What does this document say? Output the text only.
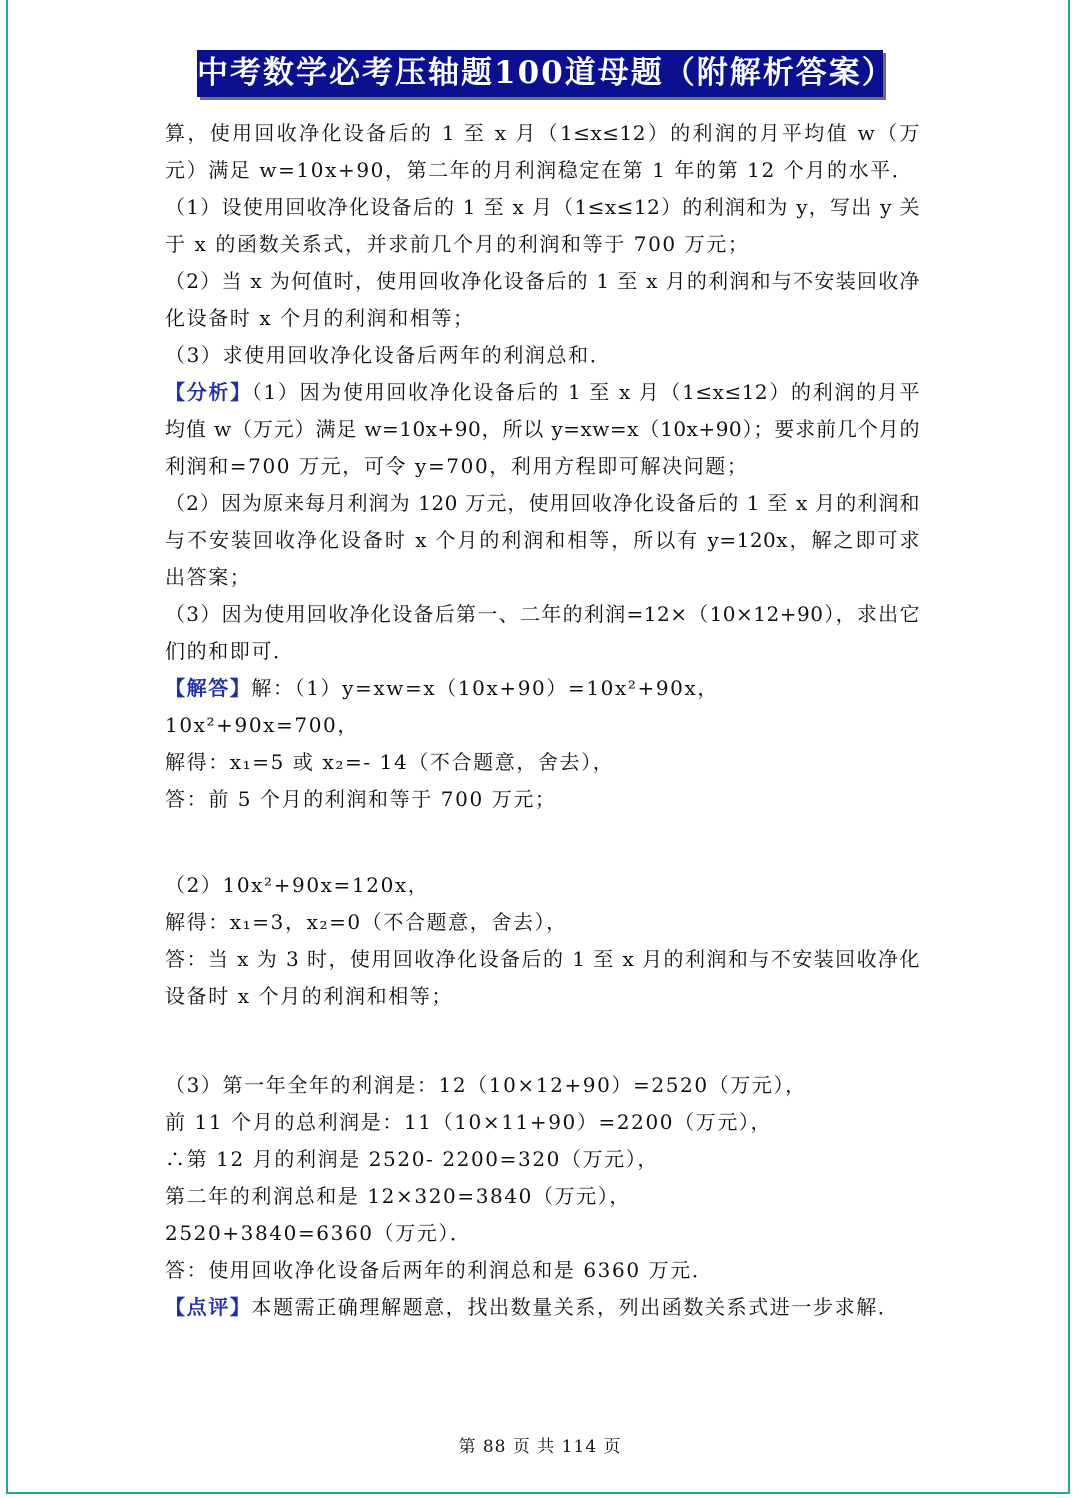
中考数学必考压轴题100道母题（附解析答案）
算，使用回收净化设备后的 1 至 x 月（1≤x≤12）的利润的月平均值 w（万
元）满足 w=10x+90，第二年的月利润稳定在第 1 年的第 12 个月的水平．
（1）设使用回收净化设备后的 1 至 x 月（1≤x≤12）的利润和为 y，写出 y 关
于 x 的函数关系式，并求前几个月的利润和等于 700 万元；
（2）当 x 为何值时，使用回收净化设备后的 1 至 x 月的利润和与不安装回收净
化设备时 x 个月的利润和相等；
（3）求使用回收净化设备后两年的利润总和．
【分析】（1）因为使用回收净化设备后的 1 至 x 月（1≤x≤12）的利润的月平
均值 w（万元）满足 w=10x+90，所以 y=xw=x（10x+90）；要求前几个月的
利润和=700 万元，可令 y=700，利用方程即可解决问题；
（2）因为原来每月利润为 120 万元，使用回收净化设备后的 1 至 x 月的利润和
与不安装回收净化设备时 x 个月的利润和相等，所以有 y=120x，解之即可求
出答案；
（3）因为使用回收净化设备后第一、二年的利润=12×（10×12+90），求出它
们的和即可．
【解答】解：（1）y=xw=x（10x+90）=10x²+90x，
10x²+90x=700，
解得：x₁=5 或 x₂=- 14（不合题意，舍去），
答：前 5 个月的利润和等于 700 万元；
（2）10x²+90x=120x，
解得：x₁=3，x₂=0（不合题意，舍去），
答：当 x 为 3 时，使用回收净化设备后的 1 至 x 月的利润和与不安装回收净化
设备时 x 个月的利润和相等；
（3）第一年全年的利润是：12（10×12+90）=2520（万元），
前 11 个月的总利润是：11（10×11+90）=2200（万元），
∴第 12 月的利润是 2520- 2200=320（万元），
第二年的利润总和是 12×320=3840（万元），
2520+3840=6360（万元）．
答：使用回收净化设备后两年的利润总和是 6360 万元．
【点评】本题需正确理解题意，找出数量关系，列出函数关系式进一步求解．
第 88 页 共 114 页
